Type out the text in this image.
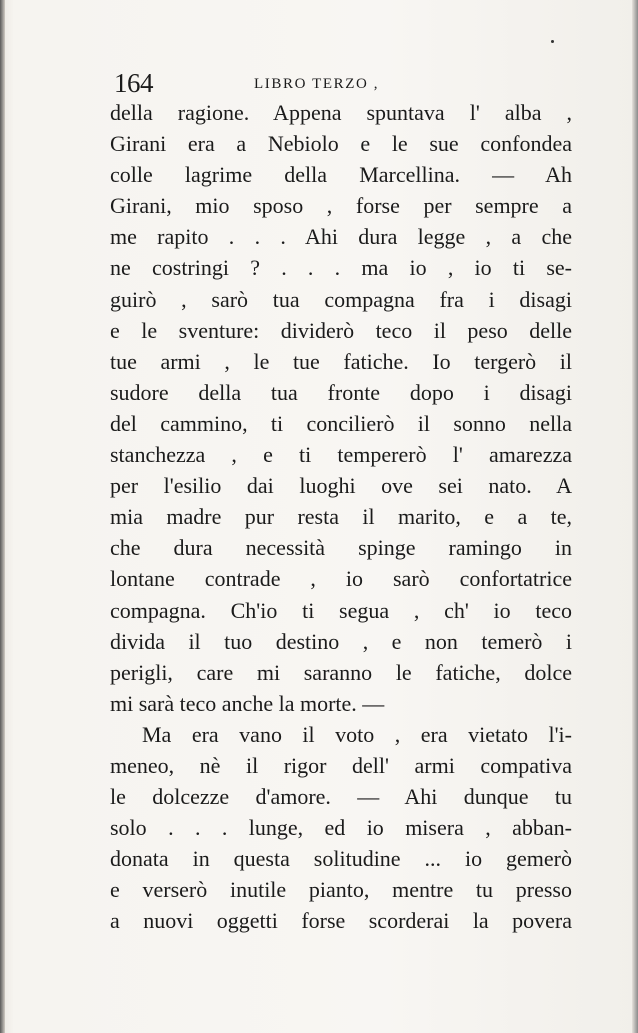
164	LIBRO TERZO ,
della ragione. Appena spuntava l' alba ,
Girani era a Nebiolo e le sue confondea
colle lagrime della Marcellina. — Ah
Girani, mio sposo , forse per sempre a
me rapito . . . Ahi dura legge , a che
ne costringi ? . . . ma io , io ti se-
guirò , sarò tua compagna fra i disagi
e le sventure: dividerò teco il peso delle
tue armi , le tue fatiche. Io tergerò il
sudore della tua fronte dopo i disagi
del cammino, ti concilierò il sonno nella
stanchezza , e ti tempererò l' amarezza
per l'esilio dai luoghi ove sei nato. A
mia madre pur resta il marito, e a te,
che dura necessità spinge ramingo in
lontane contrade , io sarò confortatrice
compagna. Ch'io ti segua , ch' io teco
divida il tuo destino , e non temerò i
perigli, care mi saranno le fatiche, dolce
mi sarà teco anche la morte. —
Ma era vano il voto , era vietato l'i-
meneo, nè il rigor dell' armi compativa
le dolcezze d'amore. — Ahi dunque tu
solo . . . lunge, ed io misera , abban-
donata in questa solitudine ... io gemerò
e verserò inutile pianto, mentre tu presso
a nuovi oggetti forse scorderai la povera
